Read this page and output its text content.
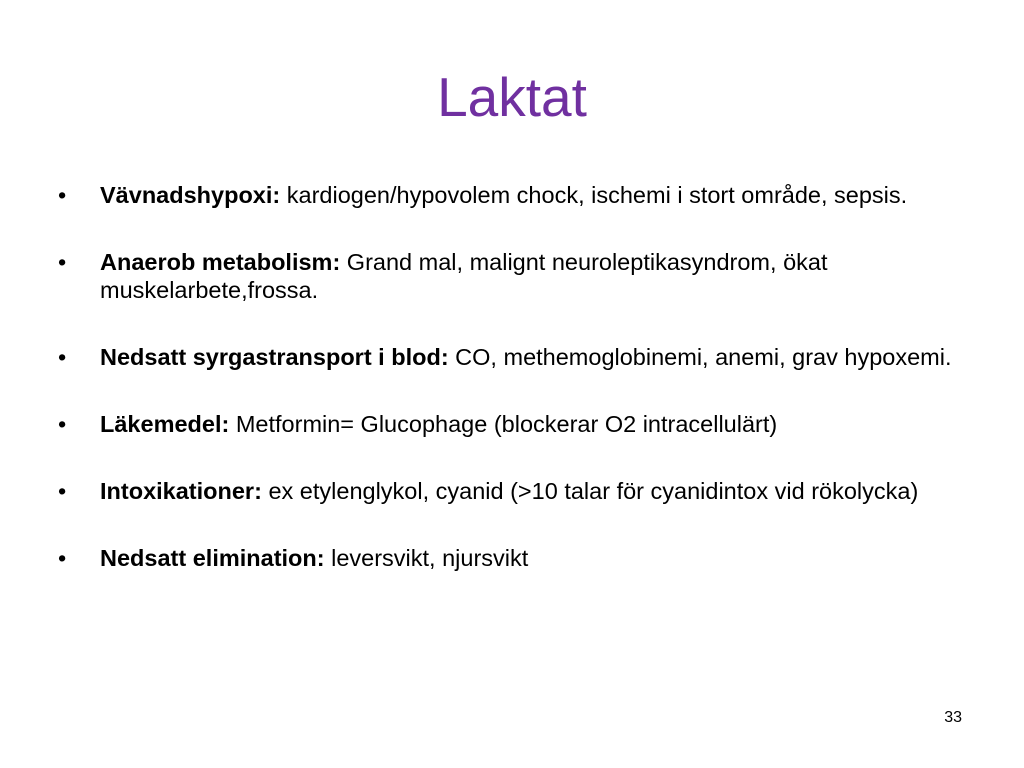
Laktat
• Vävnadshypoxi: kardiogen/hypovolem chock, ischemi i stort område, sepsis.
• Anaerob metabolism: Grand mal, malignt neuroleptikasyndrom, ökat muskelarbete,frossa.
• Nedsatt syrgastransport i blod: CO, methemoglobinemi, anemi, grav hypoxemi.
• Läkemedel: Metformin= Glucophage (blockerar O2 intracellulärt)
• Intoxikationer: ex etylenglykol, cyanid (>10 talar för cyanidintox vid rökolycka)
• Nedsatt elimination: leversvikt, njursvikt
33
